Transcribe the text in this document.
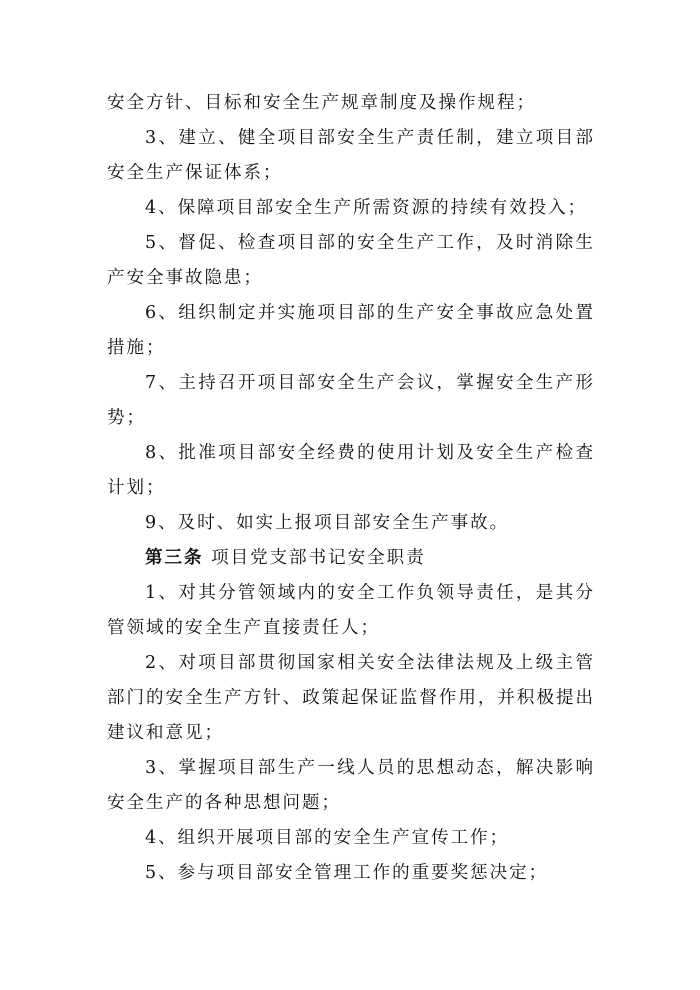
安全方针、目标和安全生产规章制度及操作规程；

3、建立、健全项目部安全生产责任制，建立项目部安全生产保证体系；

4、保障项目部安全生产所需资源的持续有效投入；

5、督促、检查项目部的安全生产工作，及时消除生产安全事故隐患；

6、组织制定并实施项目部的生产安全事故应急处置措施；

7、主持召开项目部安全生产会议，掌握安全生产形势；

8、批准项目部安全经费的使用计划及安全生产检查计划；

9、及时、如实上报项目部安全生产事故。

第三条 项目党支部书记安全职责

1、对其分管领域内的安全工作负领导责任，是其分管领域的安全生产直接责任人；

2、对项目部贯彻国家相关安全法律法规及上级主管部门的安全生产方针、政策起保证监督作用，并积极提出建议和意见；

3、掌握项目部生产一线人员的思想动态，解决影响安全生产的各种思想问题；

4、组织开展项目部的安全生产宣传工作；

5、参与项目部安全管理工作的重要奖惩决定；
